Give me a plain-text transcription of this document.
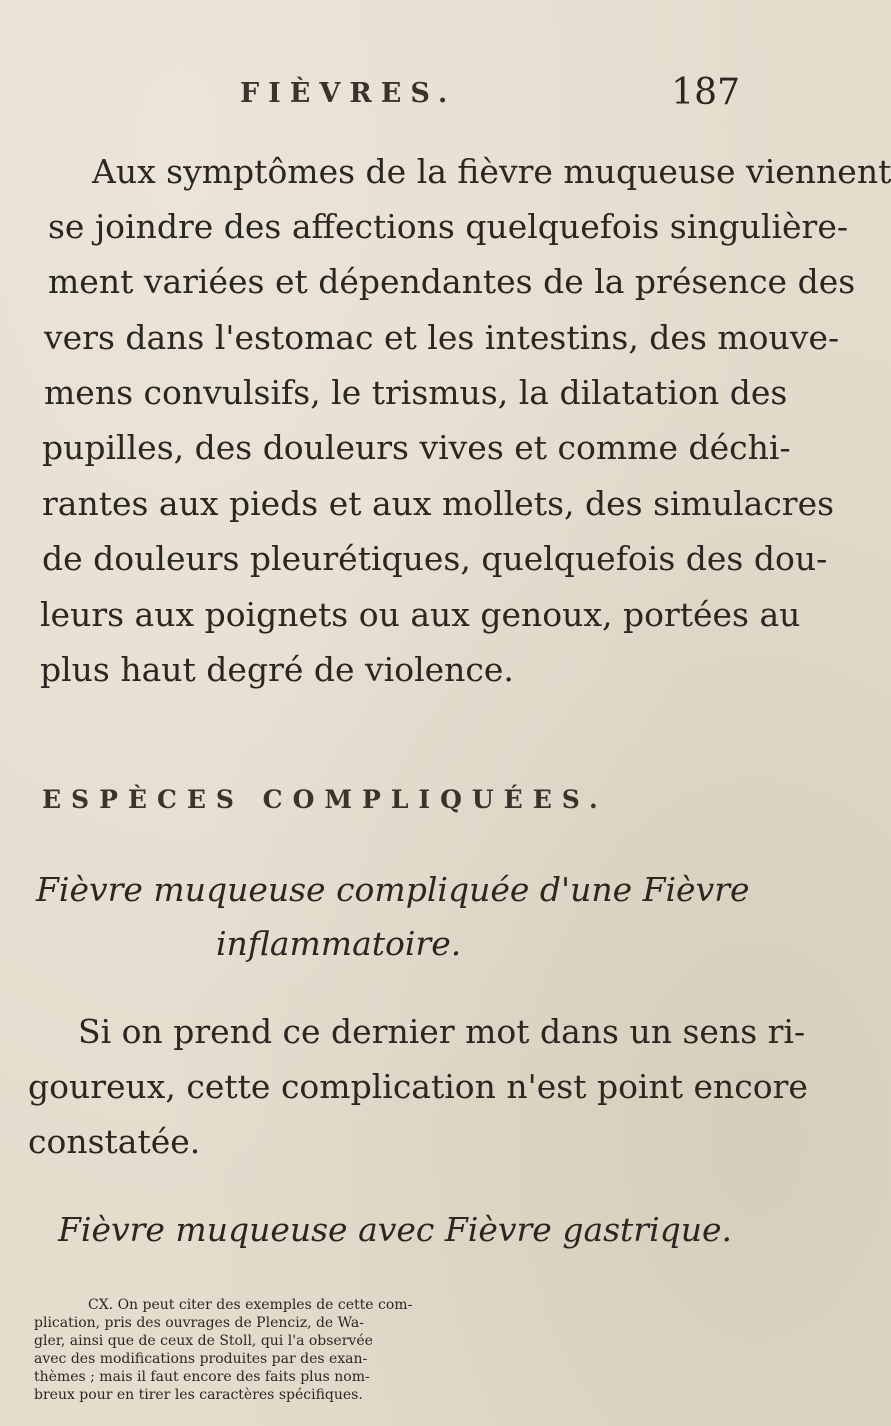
FIÈVRES.	187
Aux symptômes de la fièvre muqueuse viennent
se joindre des affections quelquefois singulière-
ment variées et dépendantes de la présence des
vers dans l'estomac et les intestins, des mouve-
mens convulsifs, le trismus, la dilatation des
pupilles, des douleurs vives et comme déchi-
rantes aux pieds et aux mollets, des simulacres
de douleurs pleurétiques, quelquefois des dou-
leurs aux poignets ou aux genoux, portées au
plus haut degré de violence.
ESPÈCES COMPLIQUÉES.
Fièvre muqueuse compliquée d'une Fièvre
inflammatoire.
Si on prend ce dernier mot dans un sens ri-
goureux, cette complication n'est point encore
constatée.
Fièvre muqueuse avec Fièvre gastrique.
CX. On peut citer des exemples de cette com-
plication, pris des ouvrages de Plenciz, de Wa-
gler, ainsi que de ceux de Stoll, qui l'a observée
avec des modifications produites par des exan-
thèmes ; mais il faut encore des faits plus nom-
breux pour en tirer les caractères spécifiques.
